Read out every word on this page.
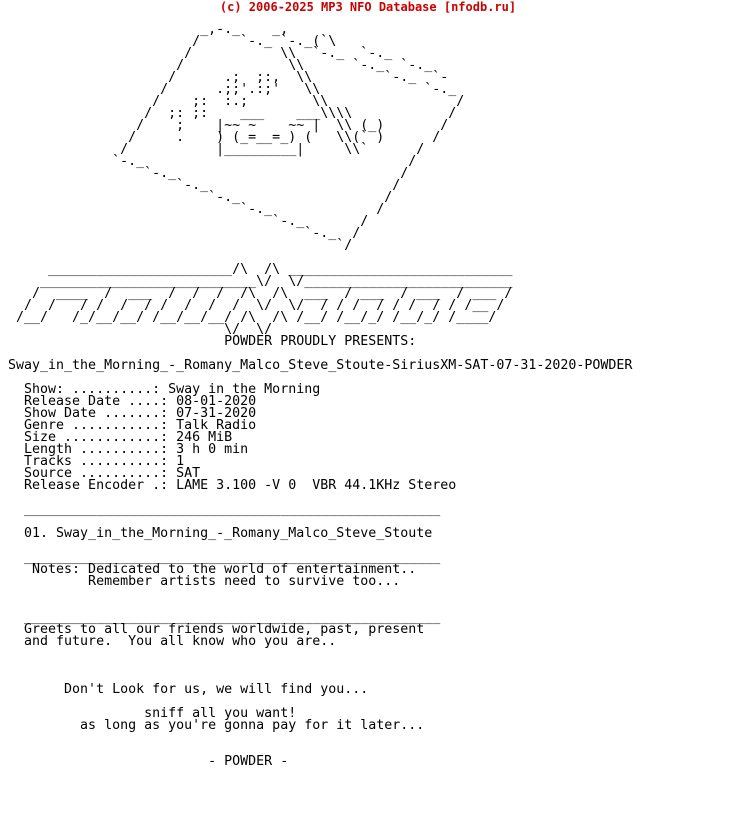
(c) 2006-2025 MP3 NFO Database [nfodb.ru]
_,-._    _,
/     `-._ `-._(`\
/           \\  `-._  `-._
/             \\      `-._  `-._
/      .;  ;:,  \\         `-._  `-
/      .;;'.:;'   \\             `-._
/    ;:  :.;        \\                /
/  ;: ;:    ___    ___\\\\            /
/    ;    |~~ ~    ~~ |  \\ (_)       /
/     .    ) (_=__=_) (   \\(` )      /
/           |_________|     \\`      /
`-._                                 /
`-._                            /
`-._                       /
`-._                  /
`-._             /
`-._       /
`-._  /
`/

_______________________/\  /\ ____________________________
___________________________\/  \/__________________________
/  ____  /  ___  /  /  /  /\  /\  ___  / ___  / ___  / ___ /
/  /   / /  /  / /  /  /  /  \/  \/  / / /  / / /  / / /__ /
/__/   /_/__/__/ /__/__/__/ /\  /\ /__/ /__/_/ /__/_/ /____/
\/  \/
POWDER PROUDLY PRESENTS:

Sway_in_the_Morning_-_Romany_Malco_Steve_Stoute-SiriusXM-SAT-07-31-2020-POWDER

Show: ..........: Sway in the Morning
Release Date ....: 08-01-2020
Show Date .......: 07-31-2020
Genre ...........: Talk Radio
Size ............: 246 MiB
Length ..........: 3 h 0 min
Tracks ..........: 1
Source ..........: SAT
Release Encoder .: LAME 3.100 -V 0  VBR 44.1KHz Stereo

____________________________________________________

01. Sway_in_the_Morning_-_Romany_Malco_Steve_Stoute

____________________________________________________
Notes: Dedicated to the world of entertainment..
Remember artists need to survive too...

____________________________________________________
Greets to all our friends worldwide, past, present
and future.  You all know who you are..

Don't Look for us, we will find you...

sniff all you want!
as long as you're gonna pay for it later...

- POWDER -
